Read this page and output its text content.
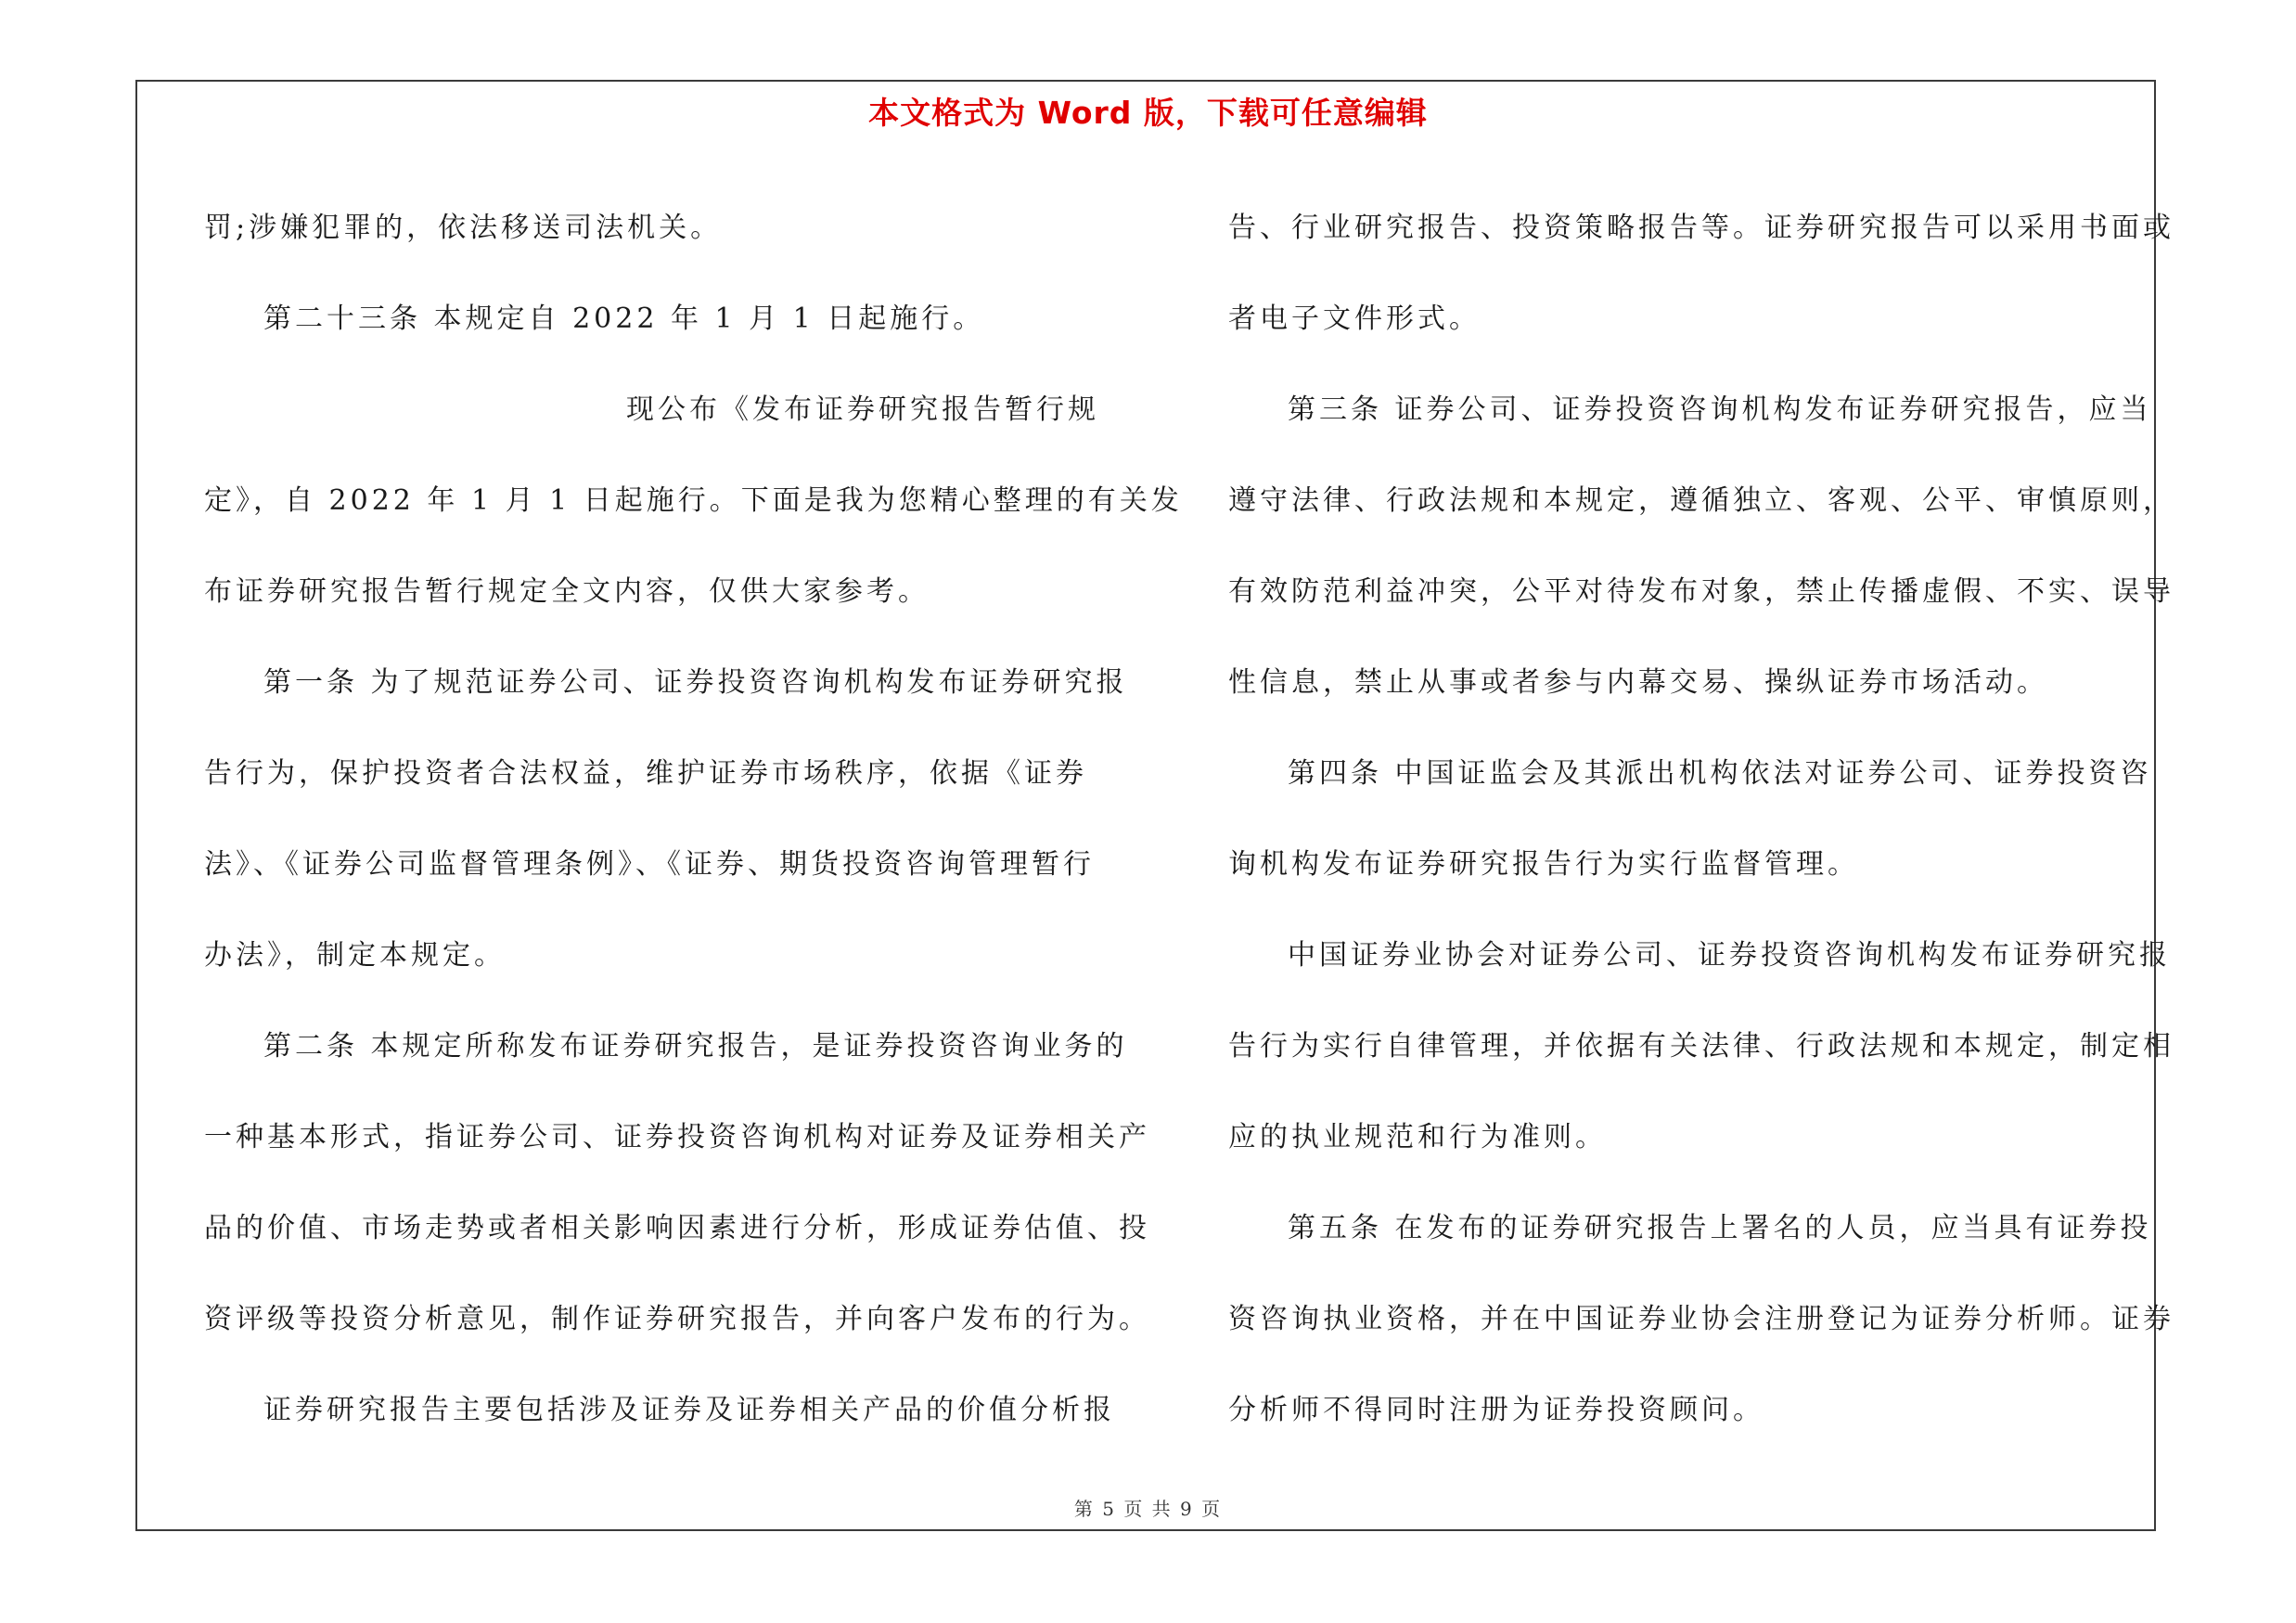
本文格式为 Word 版，下载可任意编辑
罚;涉嫌犯罪的，依法移送司法机关。
第二十三条 本规定自 2022 年 1 月 1 日起施行。
现公布《发布证券研究报告暂行规
定》，自 2022 年 1 月 1 日起施行。下面是我为您精心整理的有关发
布证券研究报告暂行规定全文内容，仅供大家参考。
第一条 为了规范证券公司、证券投资咨询机构发布证券研究报
告行为，保护投资者合法权益，维护证券市场秩序，依据《证券
法》、《证券公司监督管理条例》、《证券、期货投资咨询管理暂行
办法》，制定本规定。
第二条 本规定所称发布证券研究报告，是证券投资咨询业务的
一种基本形式，指证券公司、证券投资咨询机构对证券及证券相关产
品的价值、市场走势或者相关影响因素进行分析，形成证券估值、投
资评级等投资分析意见，制作证券研究报告，并向客户发布的行为。
证券研究报告主要包括涉及证券及证券相关产品的价值分析报
告、行业研究报告、投资策略报告等。证券研究报告可以采用书面或
者电子文件形式。
第三条 证券公司、证券投资咨询机构发布证券研究报告，应当
遵守法律、行政法规和本规定，遵循独立、客观、公平、审慎原则，
有效防范利益冲突，公平对待发布对象，禁止传播虚假、不实、误导
性信息，禁止从事或者参与内幕交易、操纵证券市场活动。
第四条 中国证监会及其派出机构依法对证券公司、证券投资咨
询机构发布证券研究报告行为实行监督管理。
中国证券业协会对证券公司、证券投资咨询机构发布证券研究报
告行为实行自律管理，并依据有关法律、行政法规和本规定，制定相
应的执业规范和行为准则。
第五条 在发布的证券研究报告上署名的人员，应当具有证券投
资咨询执业资格，并在中国证券业协会注册登记为证券分析师。证券
分析师不得同时注册为证券投资顾问。
第 5 页 共 9 页
